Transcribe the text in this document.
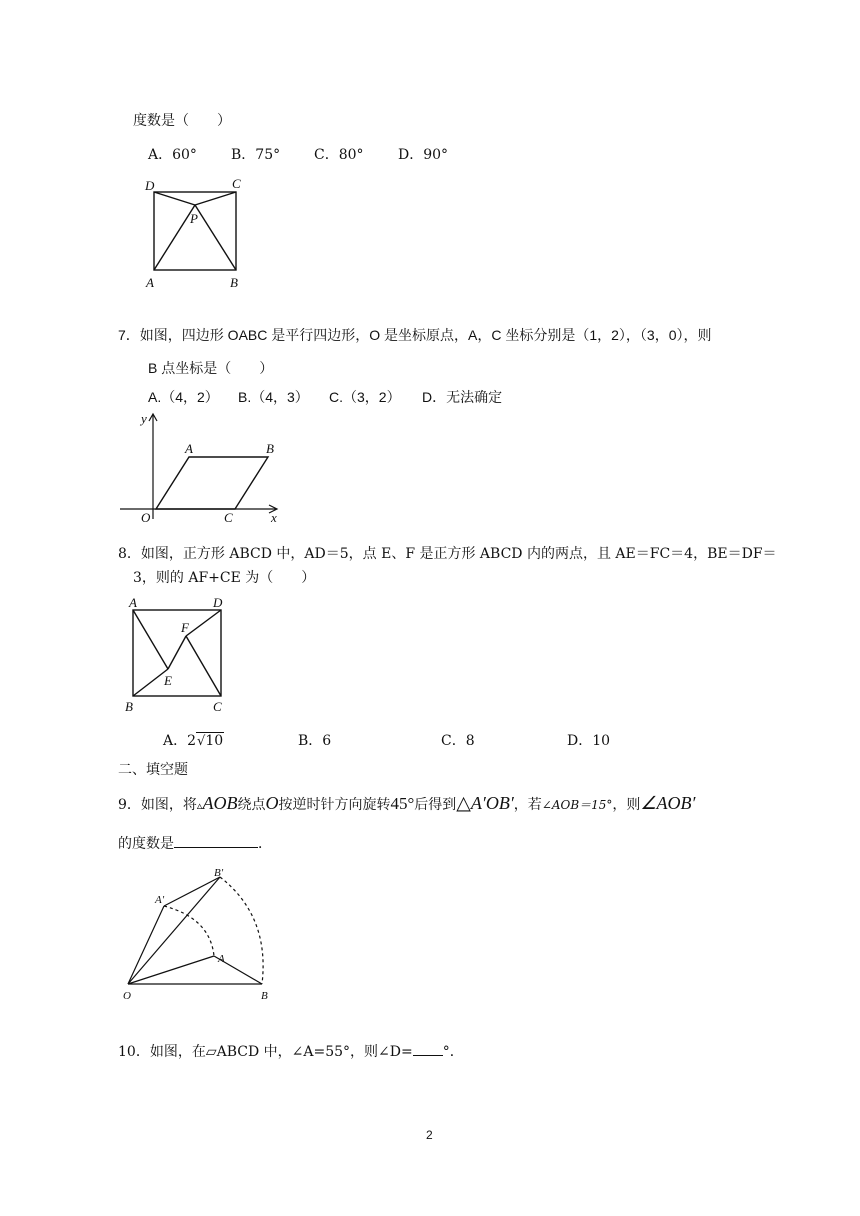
度数是（　　）
A．60° B．75° C．80° D．90°
D	C
P
A	B
7．如图，四边形 OABC 是平行四边形，O 是坐标原点，A，C 坐标分别是（1，2），（3，0），则
B 点坐标是（　　）
A.（4，2） B.（4，3） C.（3，2） D．无法确定
y
A	B
O	C	x
8．如图，正方形 ABCD 中，AD＝5，点 E、F 是正方形 ABCD 内的两点，且 AE＝FC＝4，BE＝DF＝
3，则的 AF+CE 为（　　）
A	D
F
E
B	C
A．2√10	B．6	C．8	D．10
二、填空题
9．如图，将▵AOB绕点O按逆时针方向旋转45°后得到△A′OB′，若∠AOB＝15°，则∠AOB′
的度数是	．
B′
A′
A
O	B
10．如图，在▱ABCD 中，∠A=55°，则∠D= °．
2
